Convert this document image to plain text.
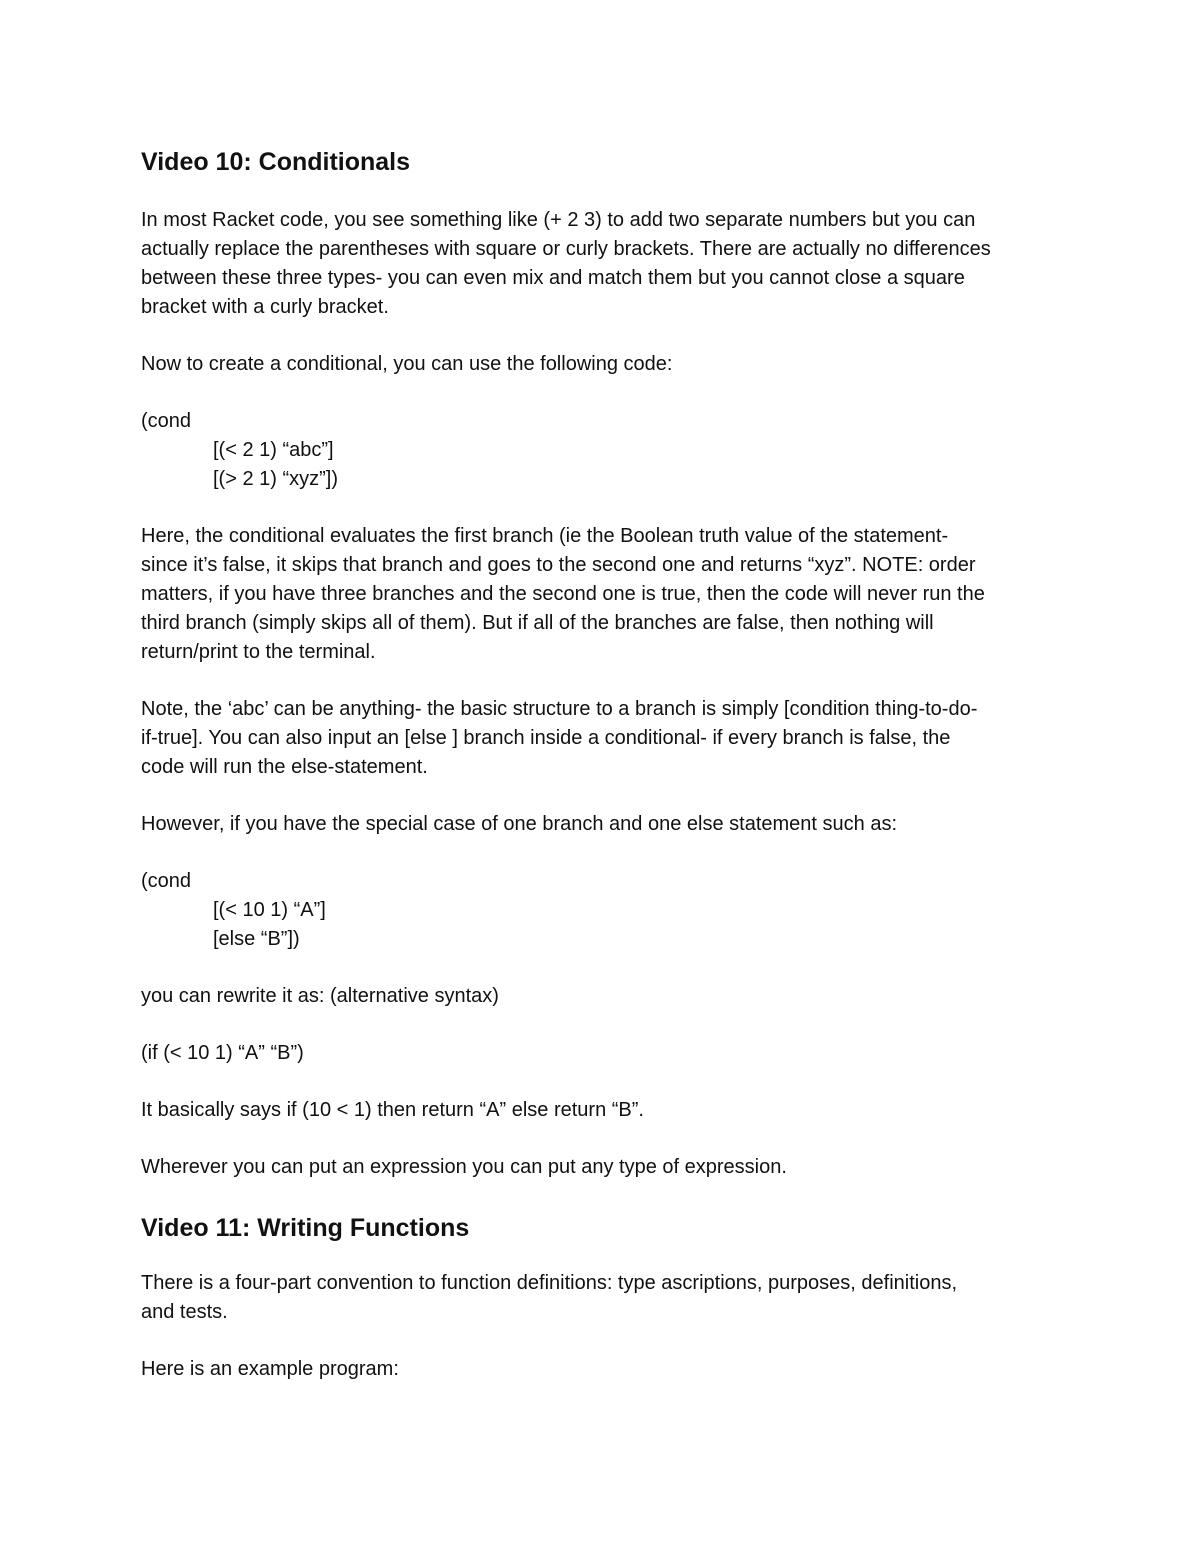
Video 10: Conditionals

In most Racket code, you see something like (+ 2 3) to add two separate numbers but you can
actually replace the parentheses with square or curly brackets. There are actually no differences
between these three types- you can even mix and match them but you cannot close a square
bracket with a curly bracket.

Now to create a conditional, you can use the following code:

(cond
[(< 2 1) “abc”]
[(> 2 1) “xyz”])

Here, the conditional evaluates the first branch (ie the Boolean truth value of the statement-
since it’s false, it skips that branch and goes to the second one and returns “xyz”. NOTE: order
matters, if you have three branches and the second one is true, then the code will never run the
third branch (simply skips all of them). But if all of the branches are false, then nothing will
return/print to the terminal.

Note, the ‘abc’ can be anything- the basic structure to a branch is simply [condition thing-to-do-
if-true]. You can also input an [else ] branch inside a conditional- if every branch is false, the
code will run the else-statement.

However, if you have the special case of one branch and one else statement such as:

(cond
[(< 10 1) “A”]
[else “B”])

you can rewrite it as: (alternative syntax)

(if (< 10 1) “A” “B”)

It basically says if (10 < 1) then return “A” else return “B”.

Wherever you can put an expression you can put any type of expression.

Video 11: Writing Functions

There is a four-part convention to function definitions: type ascriptions, purposes, definitions,
and tests.

Here is an example program:
